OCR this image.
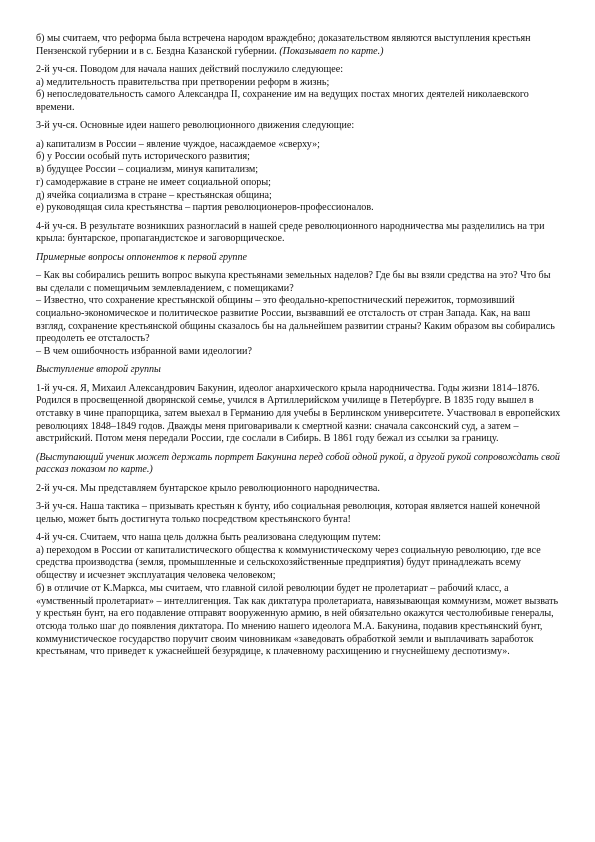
б) мы считаем, что реформа была встречена народом враждебно; доказательством являются выступления крестьян Пензенской губернии и в с. Бездна Казанской губернии. (Показывает по карте.)

2-й уч-ся. Поводом для начала наших действий послужило следующее:

а) медлительность правительства при претворении реформ в жизнь;

б) непоследовательность самого Александра II, сохранение им на ведущих постах многих деятелей николаевского времени.

3-й уч-ся. Основные идеи нашего революционного движения следующие:

а) капитализм в России – явление чуждое, насаждаемое «сверху»;

б) у России особый путь исторического развития;

в) будущее России – социализм, минуя капитализм;

г) самодержавие в стране не имеет социальной опоры;

д) ячейка социализма в стране – крестьянская община;

е) руководящая сила крестьянства – партия революционеров-профессионалов.

4-й уч-ся. В результате возникших разногласий в нашей среде революционного народничества мы разделились на три крыла: бунтарское, пропагандистское и заговорщическое.

Примерные вопросы оппонентов к первой группе

– Как вы собирались решить вопрос выкупа крестьянами земельных наделов? Где бы вы взяли средства на это? Что бы вы сделали с помещичьим землевладением, с помещиками?

– Известно, что сохранение крестьянской общины – это феодально-крепостнический пережиток, тормозивший социально-экономическое и политическое развитие России, вызвавший ее отсталость от стран Запада. Как, на ваш взгляд, сохранение крестьянской общины сказалось бы на дальнейшем развитии страны? Каким образом вы собирались преодолеть ее отсталость?

– В чем ошибочность избранной вами идеологии?

Выступление второй группы

1-й уч-ся. Я, Михаил Александрович Бакунин, идеолог анархического крыла народничества. Годы жизни 1814–1876. Родился в просвещенной дворянской семье, учился в Артиллерийском училище в Петербурге. В 1835 году вышел в отставку в чине прапорщика, затем выехал в Германию для учебы в Берлинском университете. Участвовал в европейских революциях 1848–1849 годов. Дважды меня приговаривали к смертной казни: сначала саксонский суд, а затем – австрийский. Потом меня передали России, где сослали в Сибирь. В 1861 году бежал из ссылки за границу.

(Выступающий ученик может держать портрет Бакунина перед собой одной рукой, а другой рукой сопровождать свой рассказ показом по карте.)

2-й уч-ся. Мы представляем бунтарское крыло революционного народничества.

3-й уч-ся. Наша тактика – призывать крестьян к бунту, ибо социальная революция, которая является нашей конечной целью, может быть достигнута только посредством крестьянского бунта!

4-й уч-ся. Считаем, что наша цель должна быть реализована следующим путем:

а) переходом в России от капиталистического общества к коммунистическому через социальную революцию, где все средства производства (земля, промышленные и сельскохозяйственные предприятия) будут принадлежать всему обществу и исчезнет эксплуатация человека человеком;

б) в отличие от К.Маркса, мы считаем, что главной силой революции будет не пролетариат – рабочий класс, а «умственный пролетариат» – интеллигенция. Так как диктатура пролетариата, навязывающая коммунизм, может вызвать у крестьян бунт, на его подавление отправят вооруженную армию, в ней обязательно окажутся честолюбивые генералы, отсюда только шаг до появления диктатора. По мнению нашего идеолога М.А. Бакунина, подавив крестьянский бунт, коммунистическое государство поручит своим чиновникам «заведовать обработкой земли и выплачивать заработок крестьянам, что приведет к ужаснейшей безурядице, к плачевному расхищению и гнуснейшему деспотизму».
